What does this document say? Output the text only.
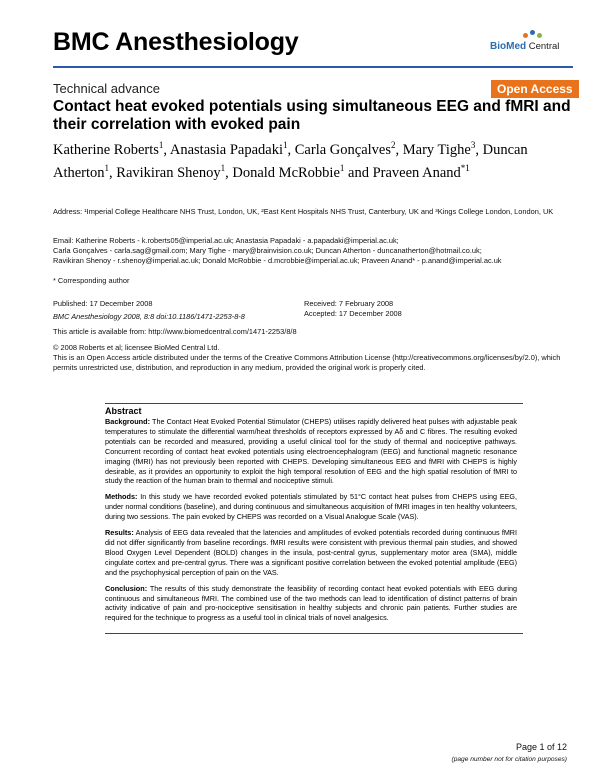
BMC Anesthesiology	BioMed Central
Technical advance	Open Access
Contact heat evoked potentials using simultaneous EEG and fMRI and their correlation with evoked pain
Katherine Roberts$^1$, Anastasia Papadaki$^1$, Carla Gonçalves$^2$, Mary Tighe$^3$, Duncan Atherton$^1$, Ravikiran Shenoy$^1$, Donald McRobbie$^1$ and Praveen Anand$^{*1}$
Address: ¹Imperial College Healthcare NHS Trust, London, UK, ²East Kent Hospitals NHS Trust, Canterbury, UK and ³Kings College London, London, UK
Email: Katherine Roberts - k.roberts05@imperial.ac.uk; Anastasia Papadaki - a.papadaki@imperial.ac.uk;
Carla Gonçalves - carla.sag@gmail.com; Mary Tighe - mary@brainvision.co.uk; Duncan Atherton - duncanatherton@hotmail.co.uk;
Ravikiran Shenoy - r.shenoy@imperial.ac.uk; Donald McRobbie - d.mcrobbie@imperial.ac.uk; Praveen Anand* - p.anand@imperial.ac.uk
* Corresponding author
Published: 17 December 2008
BMC Anesthesiology 2008, 8:8 doi:10.1186/1471-2253-8-8
Received: 7 February 2008
Accepted: 17 December 2008
This article is available from: http://www.biomedcentral.com/1471-2253/8/8
© 2008 Roberts et al; licensee BioMed Central Ltd.
This is an Open Access article distributed under the terms of the Creative Commons Attribution License (http://creativecommons.org/licenses/by/2.0), which permits unrestricted use, distribution, and reproduction in any medium, provided the original work is properly cited.
Abstract

Background: The Contact Heat Evoked Potential Stimulator (CHEPS) utilises rapidly delivered heat pulses with adjustable peak temperatures to stimulate the differential warm/heat thresholds of receptors expressed by Aδ and C fibres. The resulting evoked potentials can be recorded and measured, providing a useful clinical tool for the study of thermal and nociceptive pathways. Concurrent recording of contact heat evoked potentials using electroencephalogram (EEG) and functional magnetic resonance imaging (fMRI) has not previously been reported with CHEPS. Developing simultaneous EEG and fMRI with CHEPS is highly desirable, as it provides an opportunity to exploit the high temporal resolution of EEG and the high spatial resolution of fMRI to study the reaction of the human brain to thermal and nociceptive stimuli.

Methods: In this study we have recorded evoked potentials stimulated by 51°C contact heat pulses from CHEPS using EEG, under normal conditions (baseline), and during continuous and simultaneous acquisition of fMRI images in ten healthy volunteers, during two sessions. The pain evoked by CHEPS was recorded on a Visual Analogue Scale (VAS).

Results: Analysis of EEG data revealed that the latencies and amplitudes of evoked potentials recorded during continuous fMRI did not differ significantly from baseline recordings. fMRI results were consistent with previous thermal pain studies, and showed Blood Oxygen Level Dependent (BOLD) changes in the insula, post-central gyrus, supplementary motor area (SMA), middle cingulate cortex and pre-central gyrus. There was a significant positive correlation between the evoked potential amplitude (EEG) and the psychophysical perception of pain on the VAS.

Conclusion: The results of this study demonstrate the feasibility of recording contact heat evoked potentials with EEG during continuous and simultaneous fMRI. The combined use of the two methods can lead to identification of distinct patterns of brain activity indicative of pain and pro-nociceptive sensitisation in healthy subjects and chronic pain patients. Further studies are required for the technique to progress as a useful tool in clinical trials of novel analgesics.

Page 1 of 12
(page number not for citation purposes)
